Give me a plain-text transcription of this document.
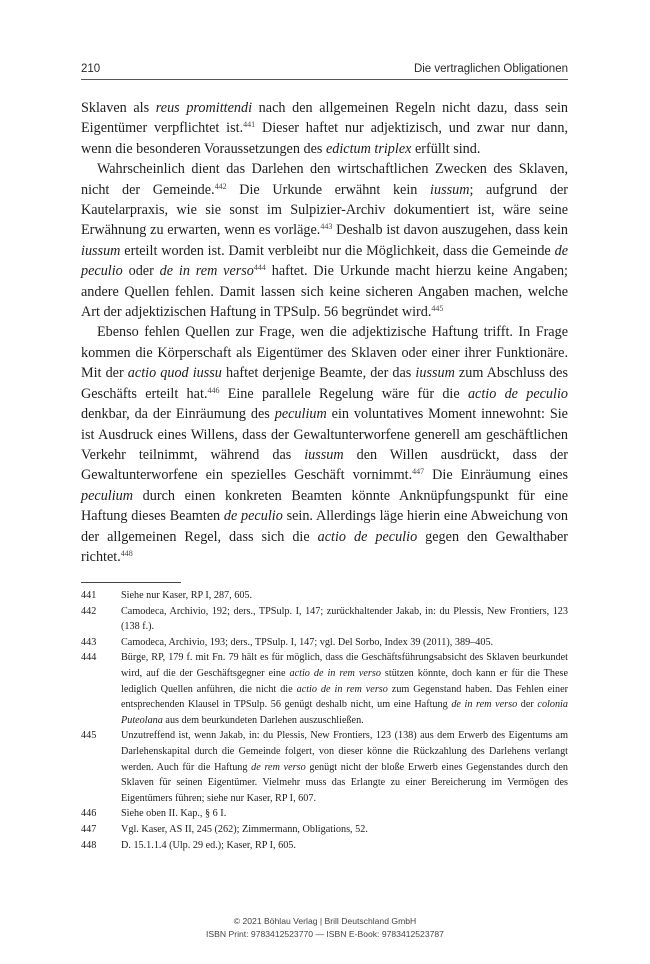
210	Die vertraglichen Obligationen

Sklaven als reus promittendi nach den allgemeinen Regeln nicht dazu, dass sein Eigentümer verpflichtet ist.$^{441}$ Dieser haftet nur adjektizisch, und zwar nur dann, wenn die besonderen Voraussetzungen des edictum triplex erfüllt sind.

Wahrscheinlich dient das Darlehen den wirtschaftlichen Zwecken des Sklaven, nicht der Gemeinde.$^{442}$ Die Urkunde erwähnt kein iussum; aufgrund der Kautelarpraxis, wie sie sonst im Sulpizier-Archiv dokumentiert ist, wäre seine Erwähnung zu erwarten, wenn es vorläge.$^{443}$ Deshalb ist davon auszugehen, dass kein iussum erteilt worden ist. Damit verbleibt nur die Möglichkeit, dass die Gemeinde de peculio oder de in rem verso$^{444}$ haftet. Die Urkunde macht hierzu keine Angaben; andere Quellen fehlen. Damit lassen sich keine sicheren Angaben machen, welche Art der adjektizischen Haftung in TPSulp. 56 begründet wird.$^{445}$

Ebenso fehlen Quellen zur Frage, wen die adjektizische Haftung trifft. In Frage kommen die Körperschaft als Eigentümer des Sklaven oder einer ihrer Funktionäre. Mit der actio quod iussu haftet derjenige Beamte, der das iussum zum Abschluss des Geschäfts erteilt hat.$^{446}$ Eine parallele Regelung wäre für die actio de peculio denkbar, da der Einräumung des peculium ein voluntatives Moment innewohnt: Sie ist Ausdruck eines Willens, dass der Gewaltunterworfene generell am geschäftlichen Verkehr teilnimmt, während das iussum den Willen ausdrückt, dass der Gewaltunterworfene ein spezielles Geschäft vornimmt.$^{447}$ Die Einräumung eines peculium durch einen konkreten Beamten könnte Anknüpfungspunkt für eine Haftung dieses Beamten de peculio sein. Allerdings läge hierin eine Abweichung von der allgemeinen Regel, dass sich die actio de peculio gegen den Gewalthaber richtet.$^{448}$

441 Siehe nur Kaser, RP I, 287, 605.

442 Camodeca, Archivio, 192; ders., TPSulp. I, 147; zurückhaltender Jakab, in: du Plessis, New Frontiers, 123 (138 f.).

443 Camodeca, Archivio, 193; ders., TPSulp. I, 147; vgl. Del Sorbo, Index 39 (2011), 389–405.

444 Bürge, RP, 179 f. mit Fn. 79 hält es für möglich, dass die Geschäftsführungsabsicht des Sklaven beurkundet wird, auf die der Geschäftsgegner eine actio de in rem verso stützen könnte, doch kann er für die These lediglich Quellen anführen, die nicht die actio de in rem verso zum Gegenstand haben. Das Fehlen einer entsprechenden Klausel in TPSulp. 56 genügt deshalb nicht, um eine Haftung de in rem verso der colonia Puteolana aus dem beurkundeten Darlehen auszuschließen.

445 Unzutreffend ist, wenn Jakab, in: du Plessis, New Frontiers, 123 (138) aus dem Erwerb des Eigentums am Darlehenskapital durch die Gemeinde folgert, von dieser könne die Rückzahlung des Darlehens verlangt werden. Auch für die Haftung de rem verso genügt nicht der bloße Erwerb eines Gegenstandes durch den Sklaven für seinen Eigentümer. Vielmehr muss das Erlangte zu einer Bereicherung im Vermögen des Eigentümers führen; siehe nur Kaser, RP I, 607.

446 Siehe oben II. Kap., § 6 I.

447 Vgl. Kaser, AS II, 245 (262); Zimmermann, Obligations, 52.

448 D. 15.1.1.4 (Ulp. 29 ed.); Kaser, RP I, 605.

© 2021 Böhlau Verlag | Brill Deutschland GmbH
ISBN Print: 9783412523770 — ISBN E-Book: 9783412523787
